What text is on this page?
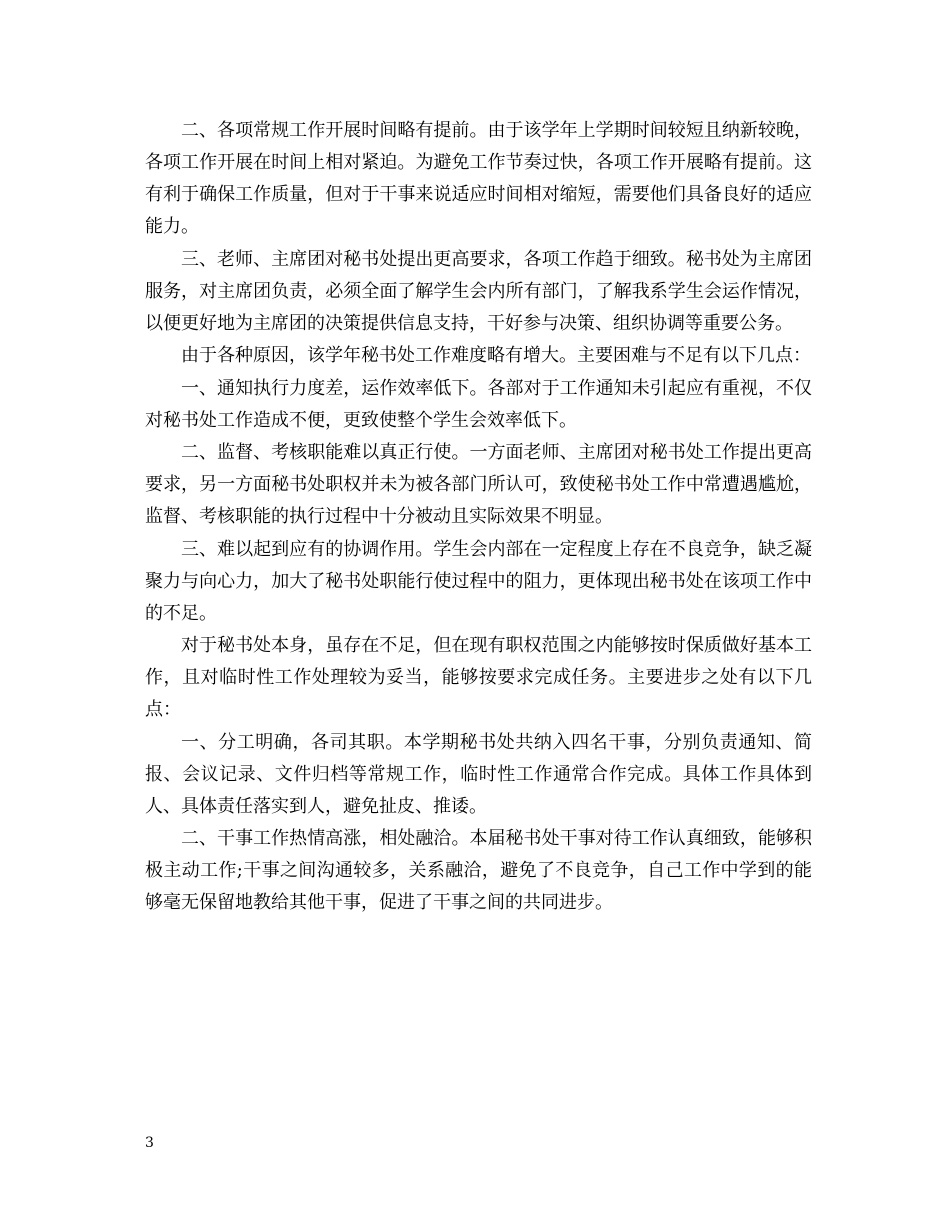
二、各项常规工作开展时间略有提前。由于该学年上学期时间较短且纳新较晚，各项工作开展在时间上相对紧迫。为避免工作节奏过快，各项工作开展略有提前。这有利于确保工作质量，但对于干事来说适应时间相对缩短，需要他们具备良好的适应能力。

三、老师、主席团对秘书处提出更高要求，各项工作趋于细致。秘书处为主席团服务，对主席团负责，必须全面了解学生会内所有部门，了解我系学生会运作情况，以便更好地为主席团的决策提供信息支持，干好参与决策、组织协调等重要公务。

由于各种原因，该学年秘书处工作难度略有增大。主要困难与不足有以下几点：

一、通知执行力度差，运作效率低下。各部对于工作通知未引起应有重视，不仅对秘书处工作造成不便，更致使整个学生会效率低下。

二、监督、考核职能难以真正行使。一方面老师、主席团对秘书处工作提出更高要求，另一方面秘书处职权并未为被各部门所认可，致使秘书处工作中常遭遇尴尬，监督、考核职能的执行过程中十分被动且实际效果不明显。

三、难以起到应有的协调作用。学生会内部在一定程度上存在不良竞争，缺乏凝聚力与向心力，加大了秘书处职能行使过程中的阻力，更体现出秘书处在该项工作中的不足。

对于秘书处本身，虽存在不足，但在现有职权范围之内能够按时保质做好基本工作，且对临时性工作处理较为妥当，能够按要求完成任务。主要进步之处有以下几点：

一、分工明确，各司其职。本学期秘书处共纳入四名干事，分别负责通知、简报、会议记录、文件归档等常规工作，临时性工作通常合作完成。具体工作具体到人、具体责任落实到人，避免扯皮、推诿。

二、干事工作热情高涨，相处融洽。本届秘书处干事对待工作认真细致，能够积极主动工作;干事之间沟通较多，关系融洽，避免了不良竞争，自己工作中学到的能够毫无保留地教给其他干事，促进了干事之间的共同进步。

3
